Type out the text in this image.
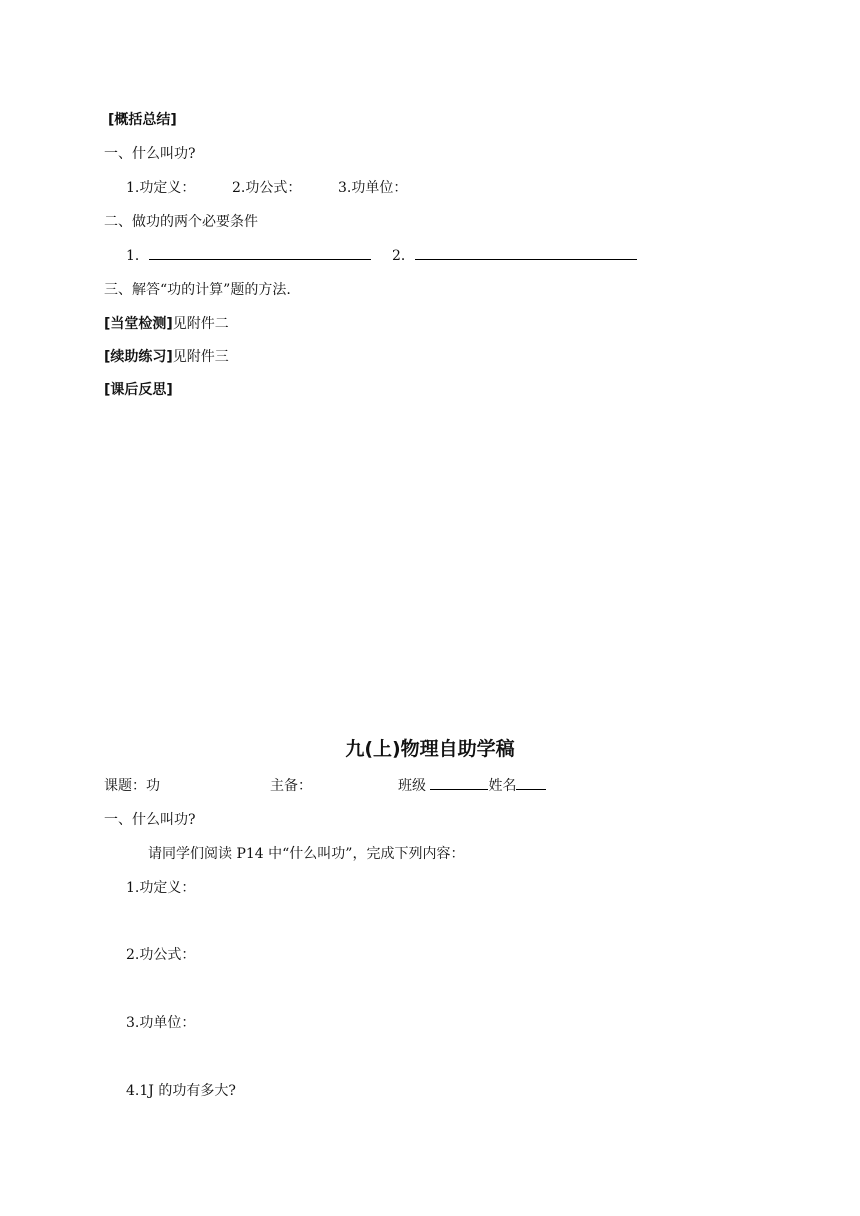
[概括总结]
一、什么叫功?
1.功定义：	2.功公式：	3.功单位：
二、做功的两个必要条件
1．	2．
三、解答“功的计算”题的方法.
[当堂检测]见附件二
[续助练习]见附件三
[课后反思]
九(上)物理自助学稿
课题：功	主备：	班级	姓名
一、什么叫功?
请同学们阅读 P14 中“什么叫功”，完成下列内容：
1.功定义：
2.功公式：
3.功单位：
4.1J 的功有多大?
